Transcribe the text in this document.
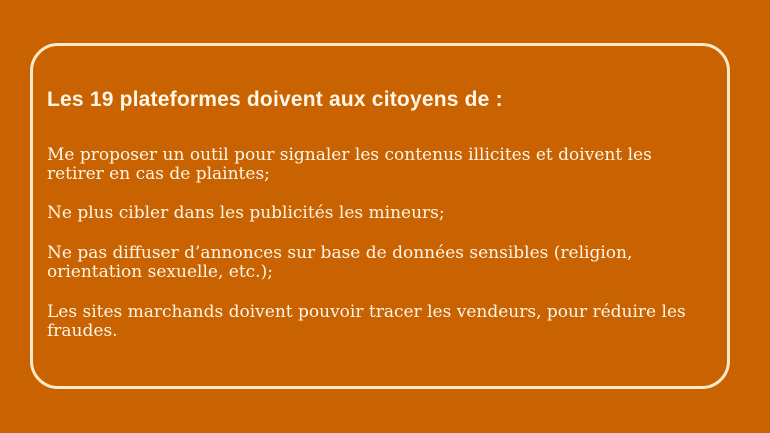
Les 19 plateformes doivent aux citoyens de :

Me proposer un outil pour signaler les contenus illicites et doivent les retirer en cas de plaintes;

Ne plus cibler dans les publicités les mineurs;

Ne pas diffuser d’annonces sur base de données sensibles (religion, orientation sexuelle, etc.);

Les sites marchands doivent pouvoir tracer les vendeurs, pour réduire les fraudes.
